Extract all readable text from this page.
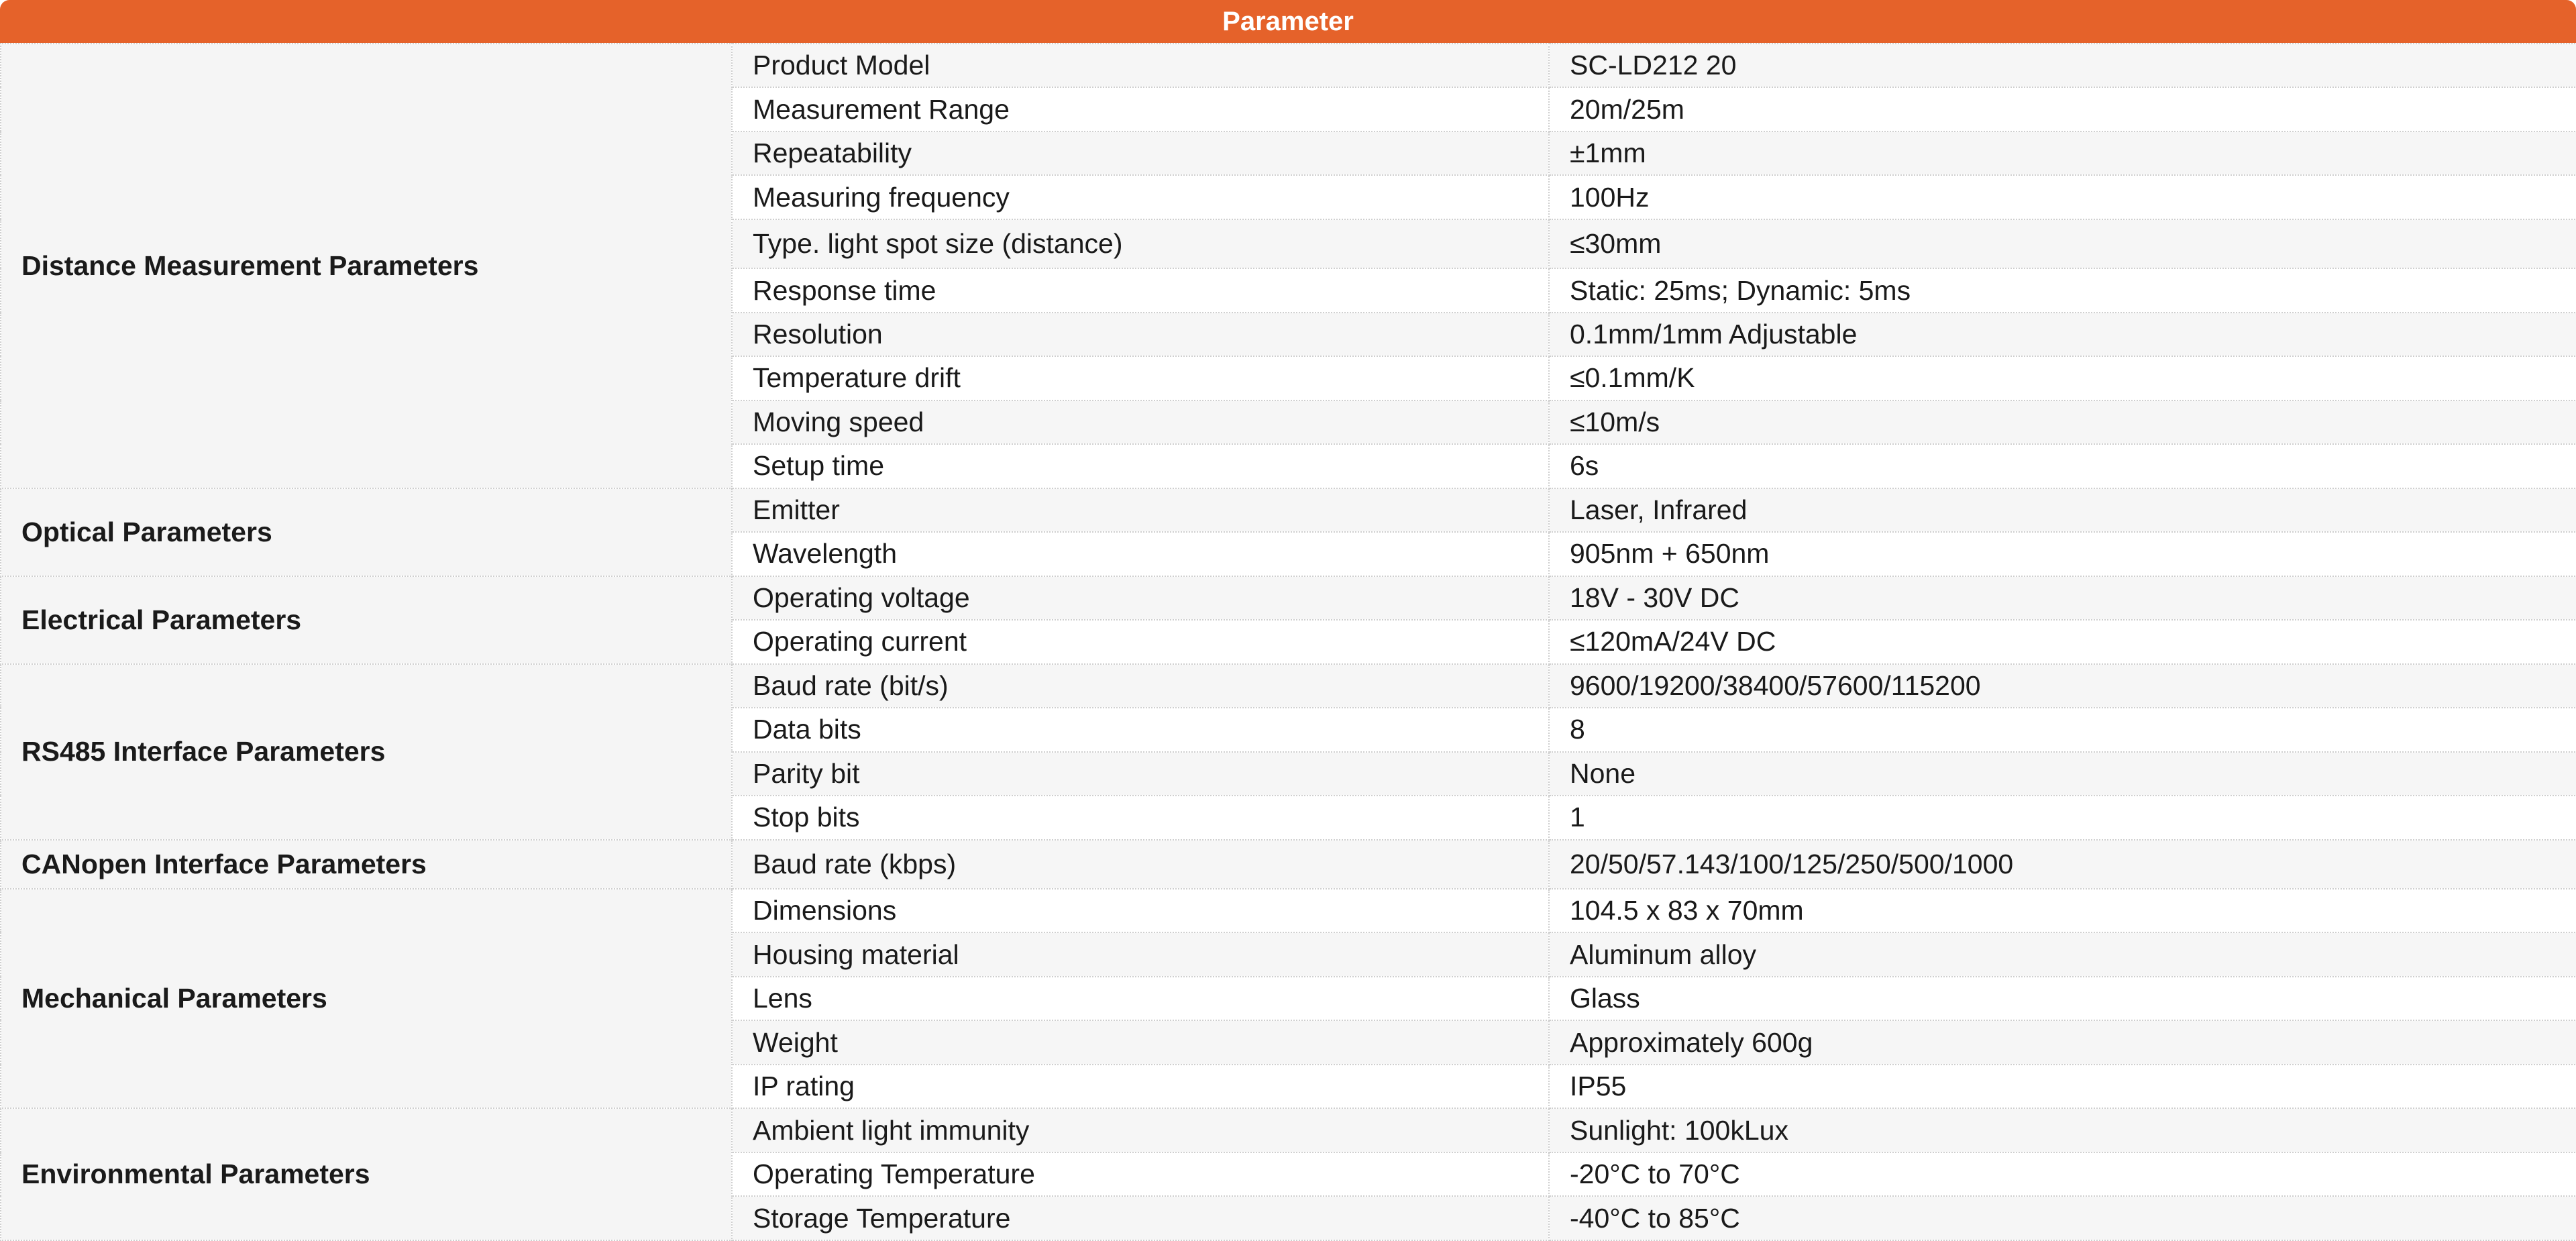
Parameter
Distance Measurement Parameters	Product Model	SC-LD212 20
	Measurement Range	20m/25m
	Repeatability	±1mm
	Measuring frequency	100Hz
	Type. light spot size (distance)	≤30mm
	Response time	Static: 25ms; Dynamic: 5ms
	Resolution	0.1mm/1mm Adjustable
	Temperature drift	≤0.1mm/K
	Moving speed	≤10m/s
	Setup time	6s
Optical Parameters	Emitter	Laser, Infrared
	Wavelength	905nm + 650nm
Electrical Parameters	Operating voltage	18V - 30V DC
	Operating current	≤120mA/24V DC
RS485 Interface Parameters	Baud rate (bit/s)	9600/19200/38400/57600/115200
	Data bits	8
	Parity bit	None
	Stop bits	1
CANopen Interface Parameters	Baud rate (kbps)	20/50/57.143/100/125/250/500/1000
Mechanical Parameters	Dimensions	104.5 x 83 x 70mm
	Housing material	Aluminum alloy
	Lens	Glass
	Weight	Approximately 600g
	IP rating	IP55
Environmental Parameters	Ambient light immunity	Sunlight: 100kLux
	Operating Temperature	-20°C to 70°C
	Storage Temperature	-40°C to 85°C
